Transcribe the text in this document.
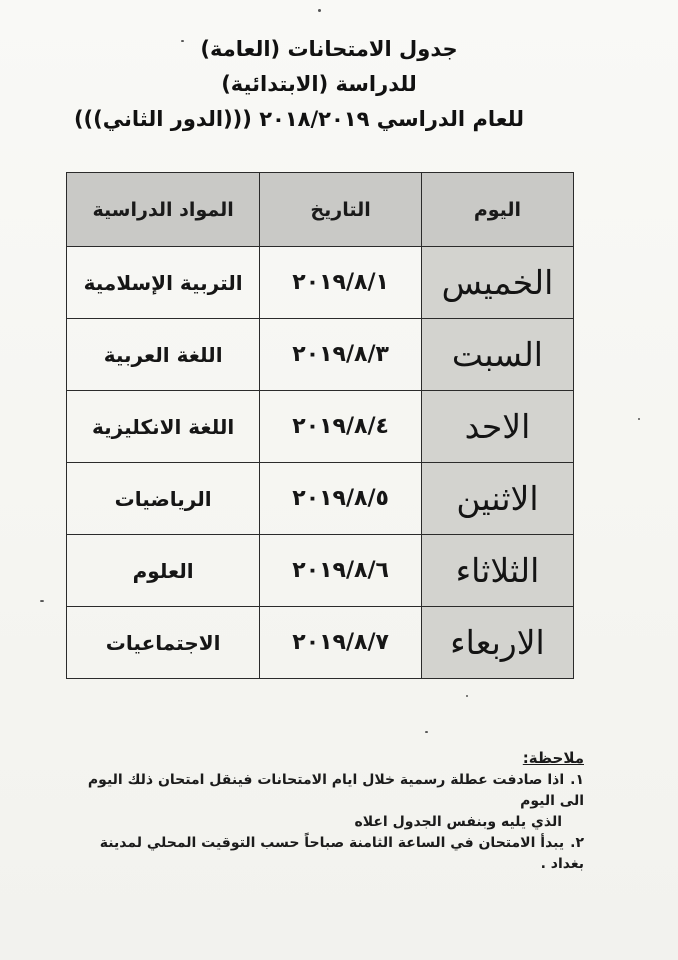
جدول الامتحانات (العامة)

للدراسة (الابتدائية)

للعام الدراسي ٢٠١٨/٢٠١٩ (((الدور الثاني)))

اليوم	التاريخ	المواد الدراسية
الخميس	٢٠١٩/٨/١	التربية الإسلامية
السبت	٢٠١٩/٨/٣	اللغة العربية
الاحد	٢٠١٩/٨/٤	اللغة الانكليزية
الاثنين	٢٠١٩/٨/٥	الرياضيات
الثلاثاء	٢٠١٩/٨/٦	العلوم
الاربعاء	٢٠١٩/٨/٧	الاجتماعيات
ملاحظة:

١.اذا صادفت عطلة رسمية خلال ايام الامتحانات فينقل امتحان ذلك اليوم الى اليوم

الذي يليه وبنفس الجدول اعلاه

٢.يبدأ الامتحان في الساعة الثامنة صباحاً حسب التوقيت المحلي لمدينة بغداد .
